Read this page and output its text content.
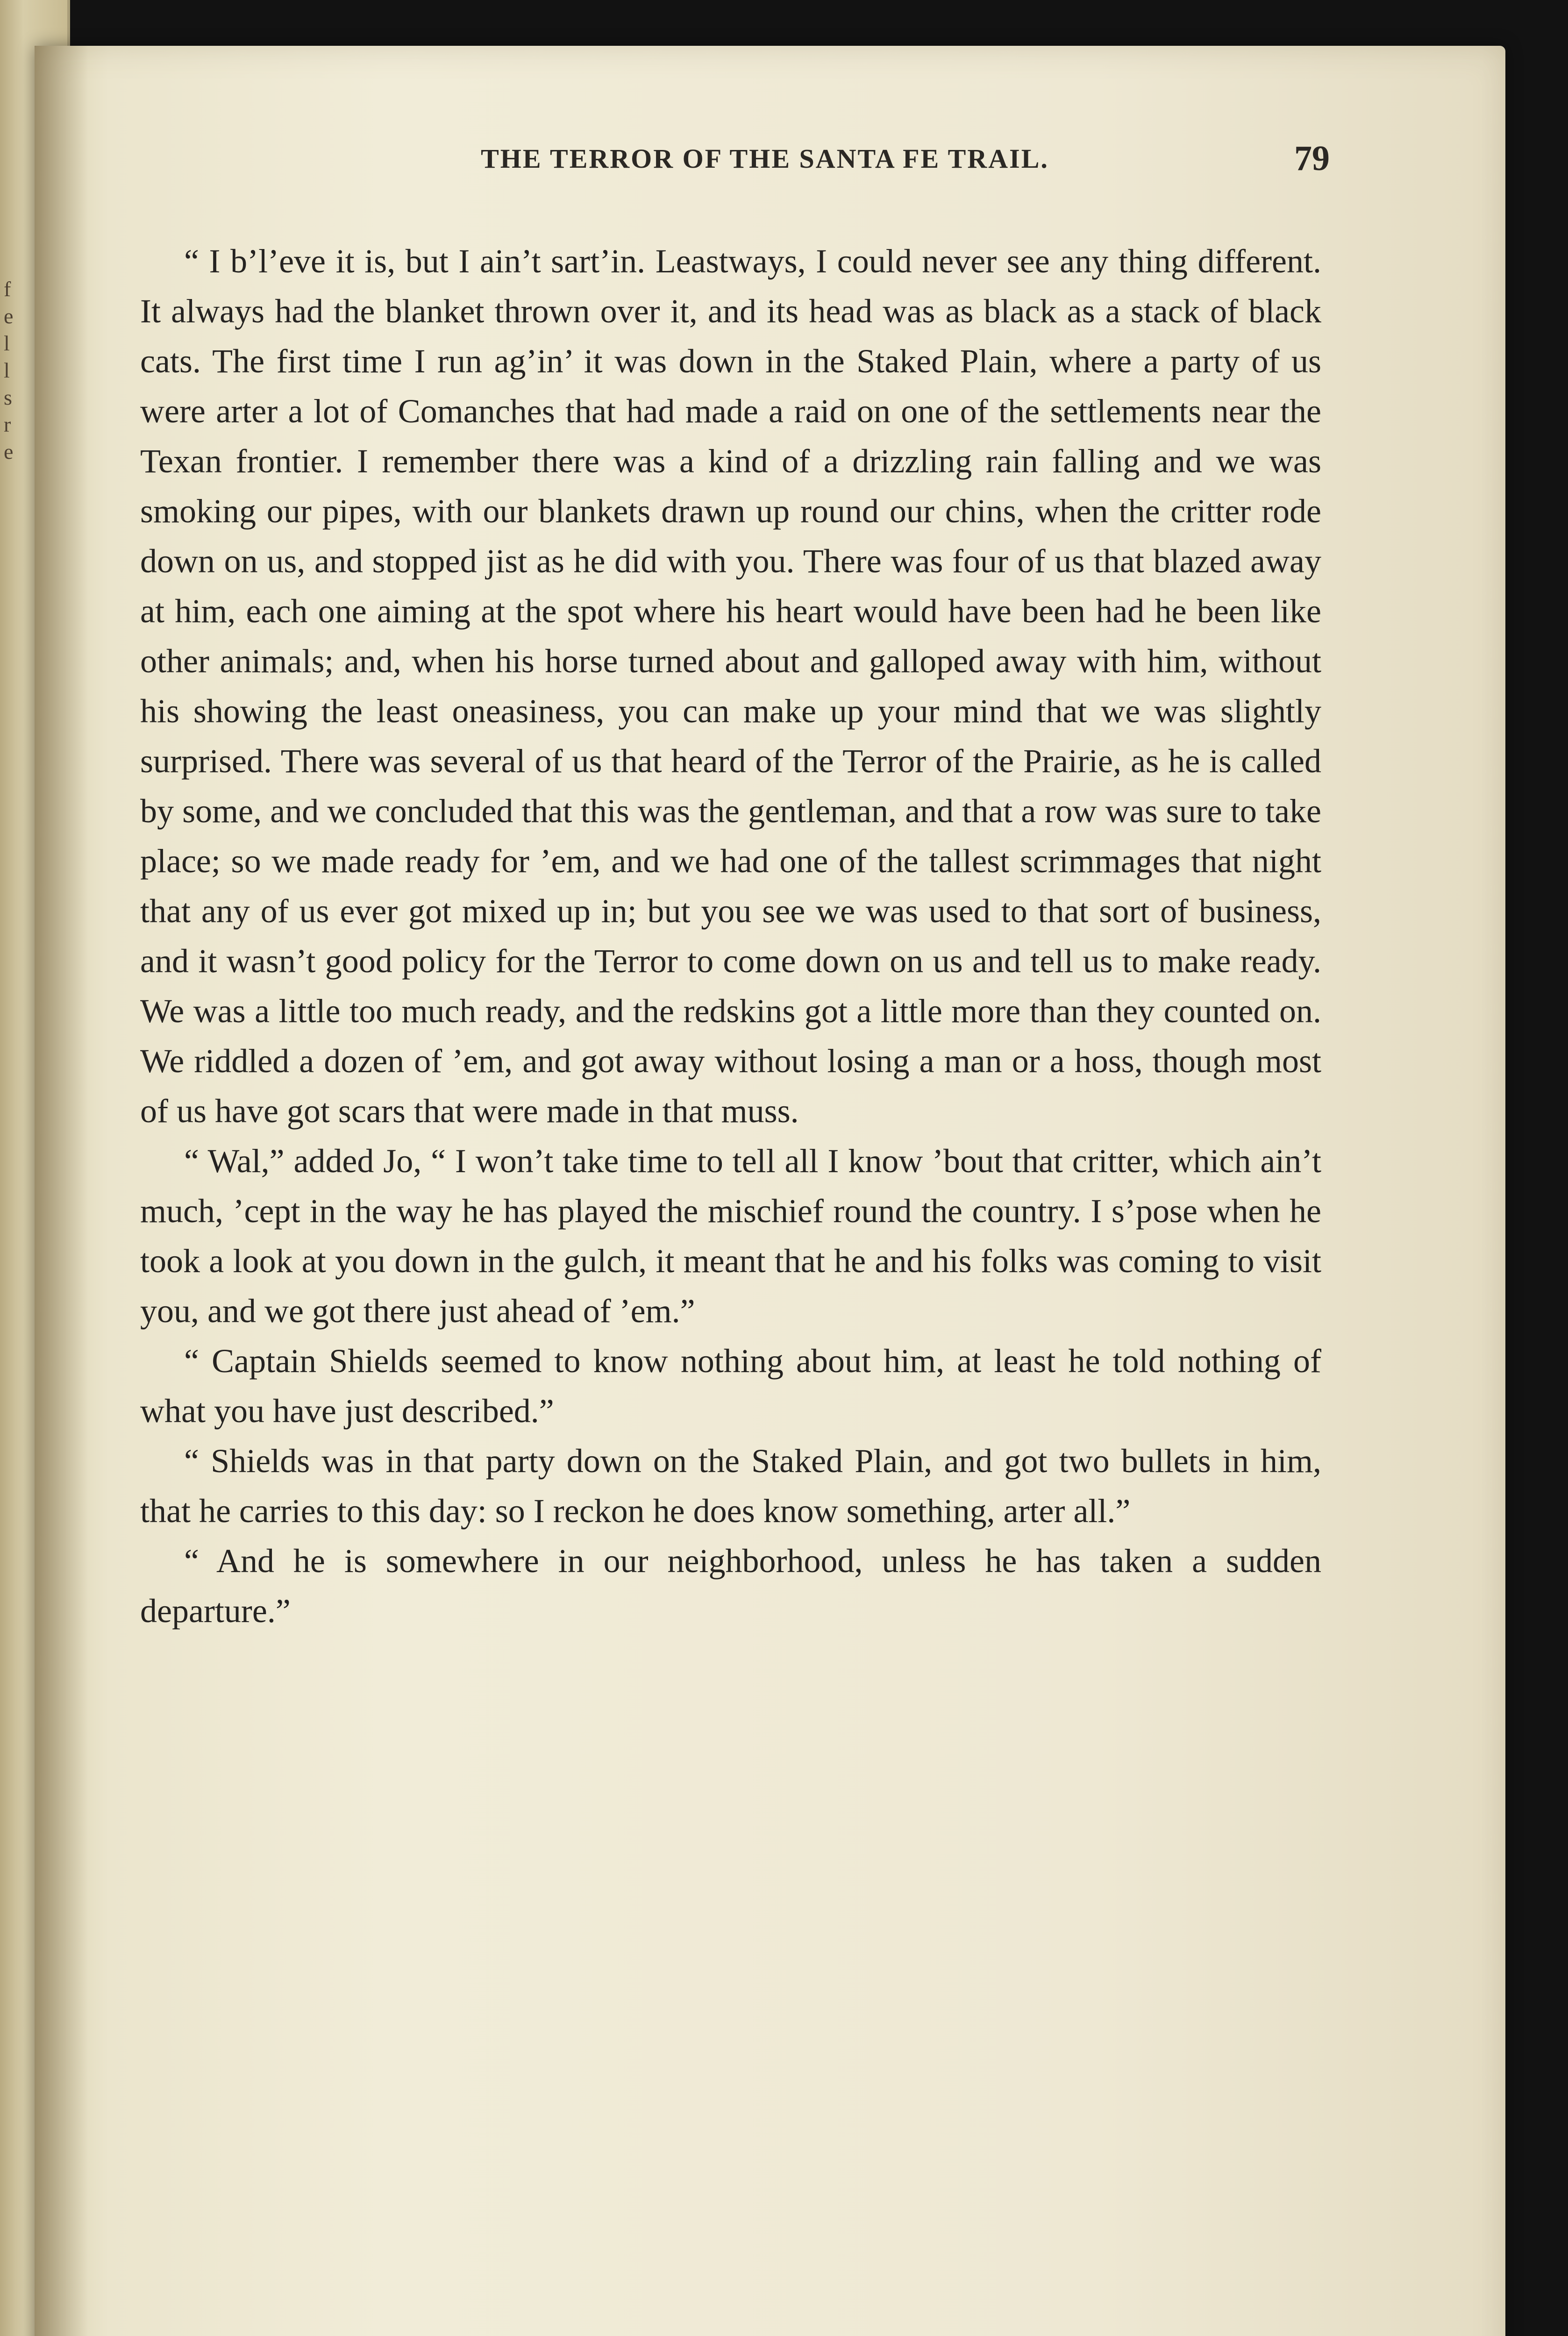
f
e
l
l
s
r
e
THE TERROR OF THE SANTA FE TRAIL.	79

“ I b’l’eve it is, but I ain’t sart’in. Leastways, I could never see any thing different. It always had the blanket thrown over it, and its head was as black as a stack of black cats. The first time I run ag’in’ it was down in the Staked Plain, where a party of us were arter a lot of Comanches that had made a raid on one of the settlements near the Texan frontier. I remember there was a kind of a drizzling rain falling and we was smoking our pipes, with our blankets drawn up round our chins, when the critter rode down on us, and stopped jist as he did with you. There was four of us that blazed away at him, each one aiming at the spot where his heart would have been had he been like other animals; and, when his horse turned about and galloped away with him, without his showing the least oneasiness, you can make up your mind that we was slightly surprised. There was several of us that heard of the Terror of the Prairie, as he is called by some, and we concluded that this was the gentleman, and that a row was sure to take place; so we made ready for ’em, and we had one of the tallest scrimmages that night that any of us ever got mixed up in; but you see we was used to that sort of business, and it wasn’t good policy for the Terror to come down on us and tell us to make ready. We was a little too much ready, and the redskins got a little more than they counted on. We riddled a dozen of ’em, and got away without losing a man or a hoss, though most of us have got scars that were made in that muss.

“ Wal,” added Jo, “ I won’t take time to tell all I know ’bout that critter, which ain’t much, ’cept in the way he has played the mischief round the country. I s’pose when he took a look at you down in the gulch, it meant that he and his folks was coming to visit you, and we got there just ahead of ’em.”

“ Captain Shields seemed to know nothing about him, at least he told nothing of what you have just described.”

“ Shields was in that party down on the Staked Plain, and got two bullets in him, that he carries to this day: so I reckon he does know something, arter all.”

“ And he is somewhere in our neighborhood, unless he has taken a sudden departure.”
